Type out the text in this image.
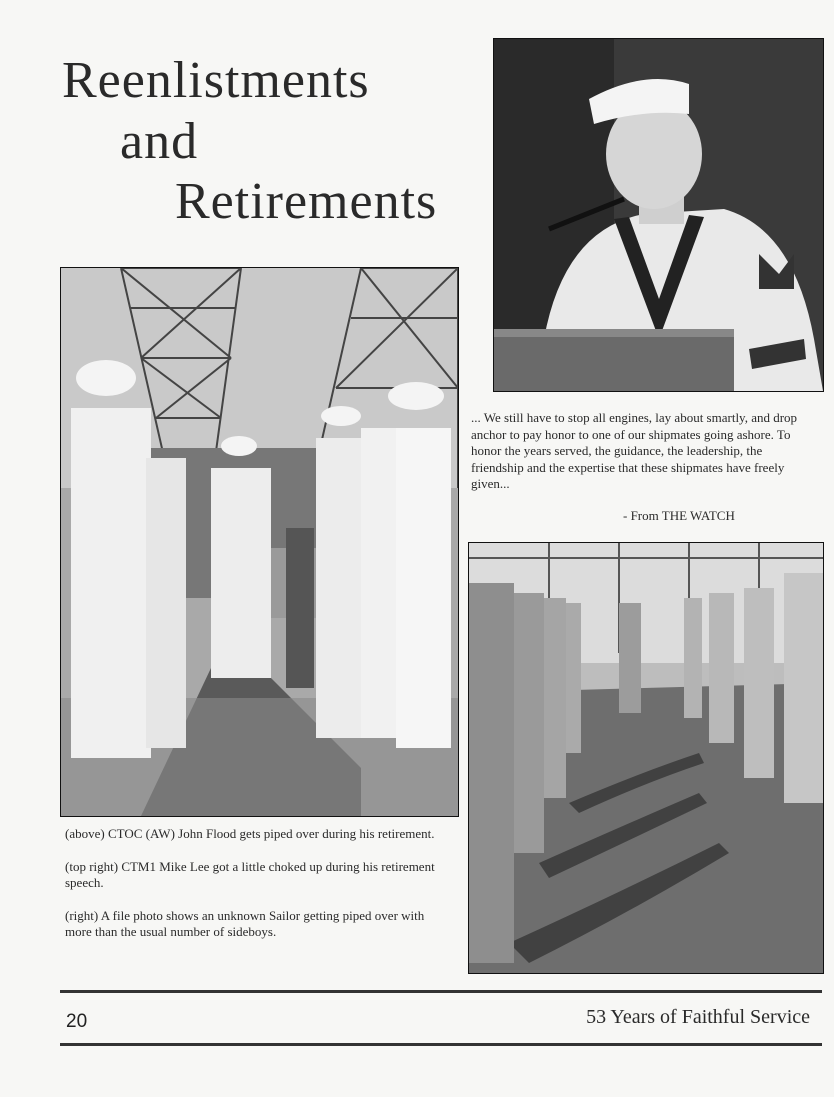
Reenlistments
and
Retirements
... We still have to stop all engines, lay about smartly, and drop anchor to pay honor to one of our shipmates going ashore. To honor the years served, the guidance, the leadership, the friendship and the expertise that these shipmates have freely given...
- From THE WATCH

(above) CTOC (AW) John Flood gets piped over during his retirement.

(top right) CTM1 Mike Lee got a little choked up during his retirement speech.

(right) A file photo shows an unknown Sailor getting piped over with more than the usual number of sideboys.

20	53 Years of Faithful Service
